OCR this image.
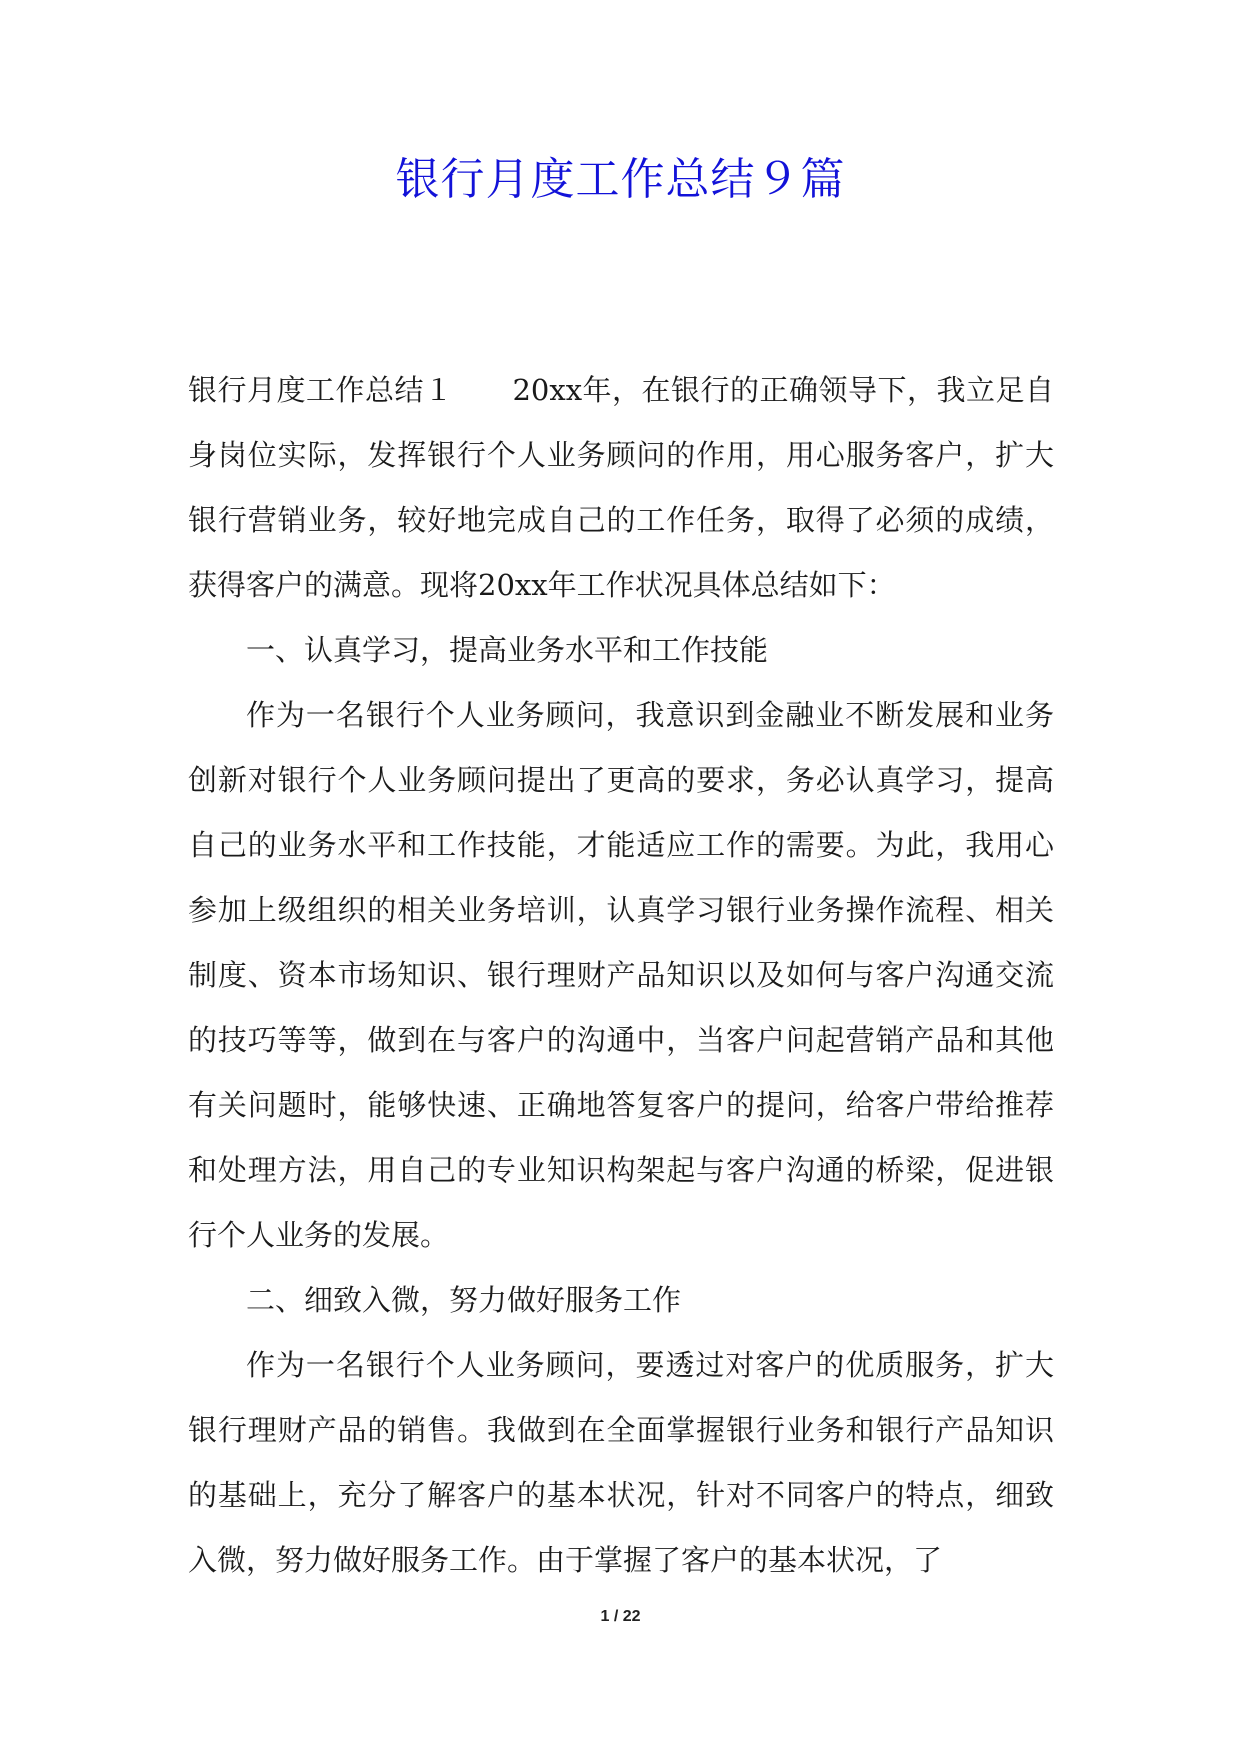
银行月度工作总结９篇

银行月度工作总结１　　20xx年，在银行的正确领导下，我立足自身岗位实际，发挥银行个人业务顾问的作用，用心服务客户，扩大银行营销业务，较好地完成自己的工作任务，取得了必须的成绩，获得客户的满意。现将20xx年工作状况具体总结如下：

一、认真学习，提高业务水平和工作技能

作为一名银行个人业务顾问，我意识到金融业不断发展和业务创新对银行个人业务顾问提出了更高的要求，务必认真学习，提高自己的业务水平和工作技能，才能适应工作的需要。为此，我用心参加上级组织的相关业务培训，认真学习银行业务操作流程、相关制度、资本市场知识、银行理财产品知识以及如何与客户沟通交流的技巧等等，做到在与客户的沟通中，当客户问起营销产品和其他有关问题时，能够快速、正确地答复客户的提问，给客户带给推荐和处理方法，用自己的专业知识构架起与客户沟通的桥梁，促进银行个人业务的发展。

二、细致入微，努力做好服务工作

作为一名银行个人业务顾问，要透过对客户的优质服务，扩大银行理财产品的销售。我做到在全面掌握银行业务和银行产品知识的基础上，充分了解客户的基本状况，针对不同客户的特点，细致入微，努力做好服务工作。由于掌握了客户的基本状况，了

1 / 22
